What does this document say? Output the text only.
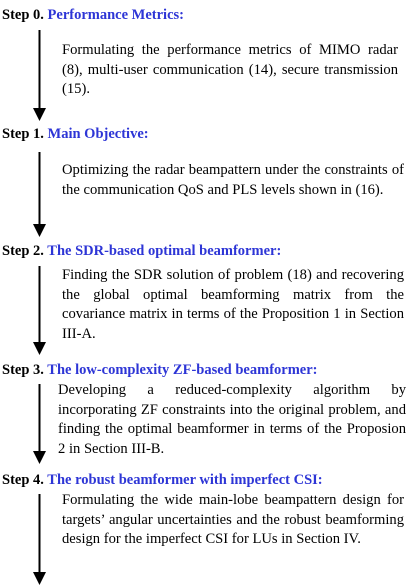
Step 0. Performance Metrics:
Formulating the performance metrics of MIMO radar (8), multi-user communication (14), secure transmission (15).
Step 1. Main Objective:
Optimizing the radar beampattern under the constraints of the communication QoS and PLS levels shown in (16).
Step 2. The SDR-based optimal beamformer:
Finding the SDR solution of problem (18) and recovering the global optimal beamforming matrix from the covariance matrix in terms of the Proposition 1 in Section III-A.
Step 3. The low-complexity ZF-based beamformer:
Developing a reduced-complexity algorithm by incorporating ZF constraints into the original problem, and finding the optimal beamformer in terms of the Proposion 2 in Section III-B.
Step 4. The robust beamformer with imperfect CSI:
Formulating the wide main-lobe beampattern design for targets’ angular uncertainties and the robust beamforming design for the imperfect CSI for LUs in Section IV.
